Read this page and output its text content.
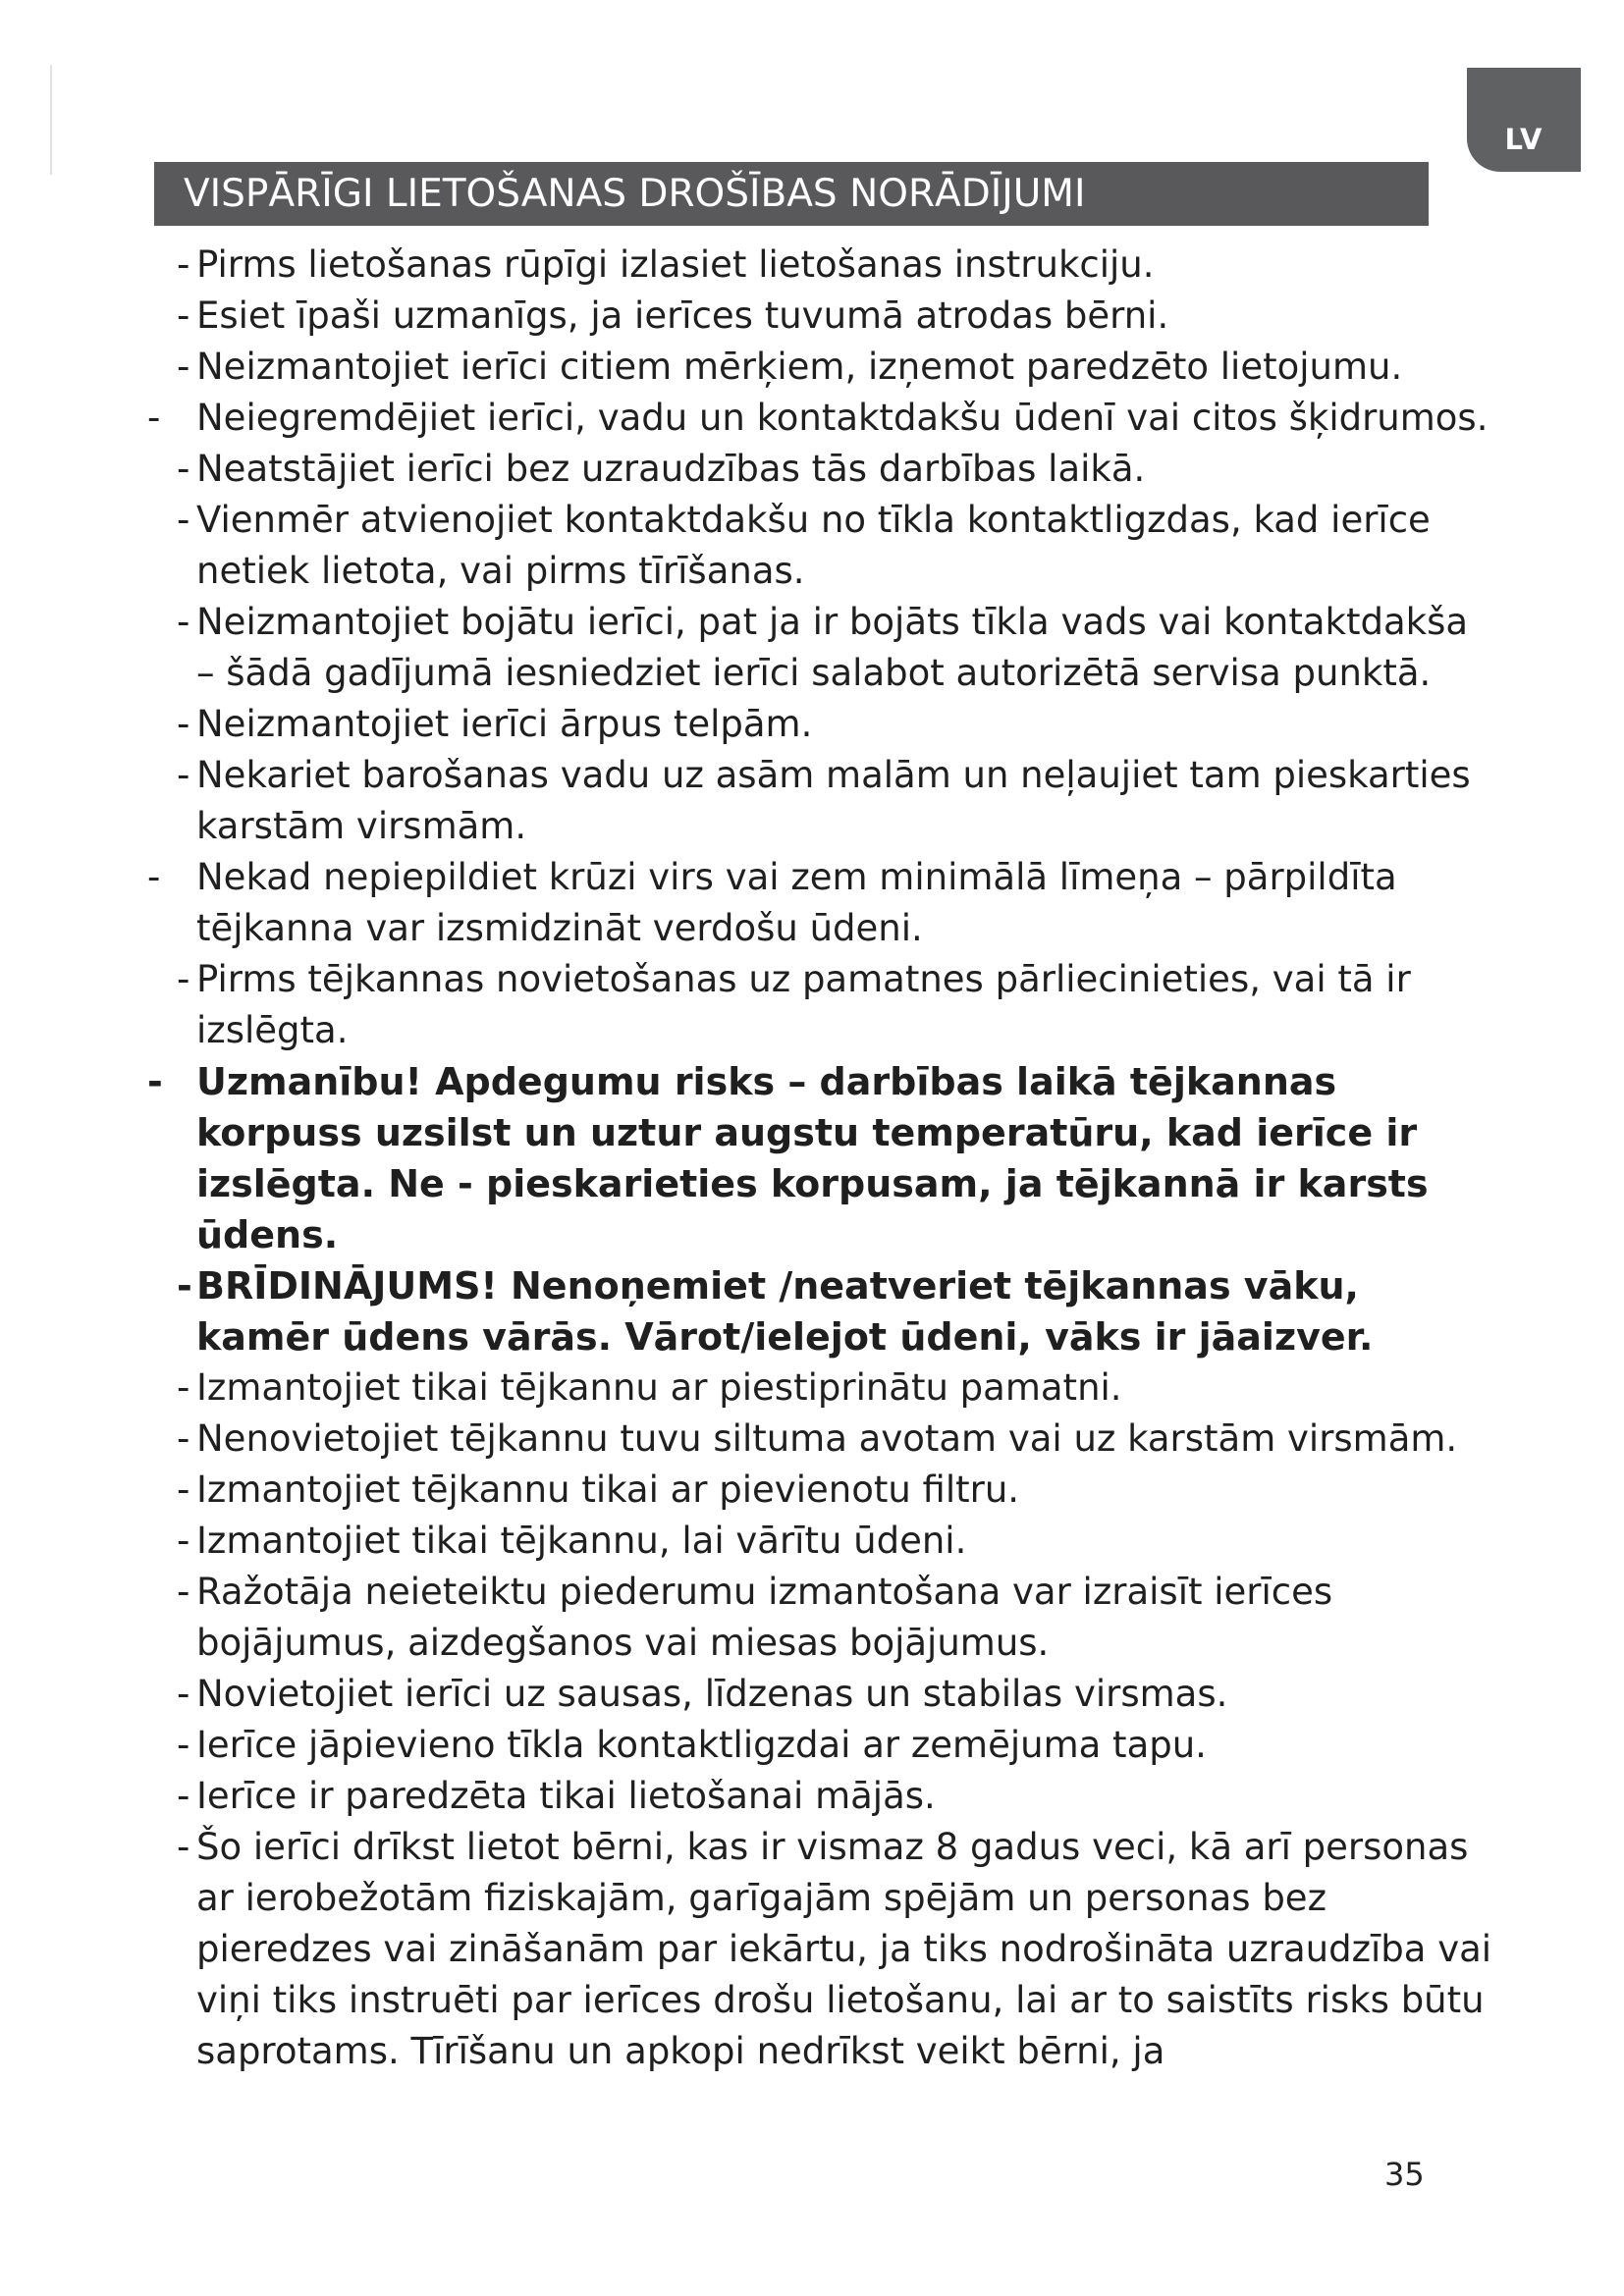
LV
VISPĀRĪGI LIETOŠANAS DROŠĪBAS NORĀDĪJUMI
- Pirms lietošanas rūpīgi izlasiet lietošanas instrukciju.
- Esiet īpaši uzmanīgs, ja ierīces tuvumā atrodas bērni.
- Neizmantojiet ierīci citiem mērķiem, izņemot paredzēto lietojumu.
- Neiegremdējiet ierīci, vadu un kontaktdakšu ūdenī vai citos šķidrumos.
- Neatstājiet ierīci bez uzraudzības tās darbības laikā.
- Vienmēr atvienojiet kontaktdakšu no tīkla kontaktligzdas, kad ierīce netiek lietota, vai pirms tīrīšanas.
- Neizmantojiet bojātu ierīci, pat ja ir bojāts tīkla vads vai kontaktdakša – šādā gadījumā iesniedziet ierīci salabot autorizētā servisa punktā.
- Neizmantojiet ierīci ārpus telpām.
- Nekariet barošanas vadu uz asām malām un neļaujiet tam pieskarties karstām virsmām.
- Nekad nepiepildiet krūzi virs vai zem minimālā līmeņa – pārpildīta tējkanna var izsmidzināt verdošu ūdeni.
- Pirms tējkannas novietošanas uz pamatnes pārliecinieties, vai tā ir izslēgta.
- Uzmanību! Apdegumu risks – darbības laikā tējkannas korpuss uzsilst un uztur augstu temperatūru, kad ierīce ir izslēgta. Ne - pieskarieties korpusam, ja tējkannā ir karsts ūdens.
- BRĪDINĀJUMS! Nenoņemiet /neatveriet tējkannas vāku, kamēr ūdens vārās. Vārot/ielejot ūdeni, vāks ir jāaizver.
- Izmantojiet tikai tējkannu ar piestiprinātu pamatni.
- Nenovietojiet tējkannu tuvu siltuma avotam vai uz karstām virsmām.
- Izmantojiet tējkannu tikai ar pievienotu filtru.
- Izmantojiet tikai tējkannu, lai vārītu ūdeni.
- Ražotāja neieteiktu piederumu izmantošana var izraisīt ierīces bojājumus, aizdegšanos vai miesas bojājumus.
- Novietojiet ierīci uz sausas, līdzenas un stabilas virsmas.
- Ierīce jāpievieno tīkla kontaktligzdai ar zemējuma tapu.
- Ierīce ir paredzēta tikai lietošanai mājās.
- Šo ierīci drīkst lietot bērni, kas ir vismaz 8 gadus veci, kā arī personas ar ierobežotām fiziskajām, garīgajām spējām un personas bez pieredzes vai zināšanām par iekārtu, ja tiks nodrošināta uzraudzība vai viņi tiks instruēti par ierīces drošu lietošanu, lai ar to saistīts risks būtu saprotams. Tīrīšanu un apkopi nedrīkst veikt bērni, ja
35
